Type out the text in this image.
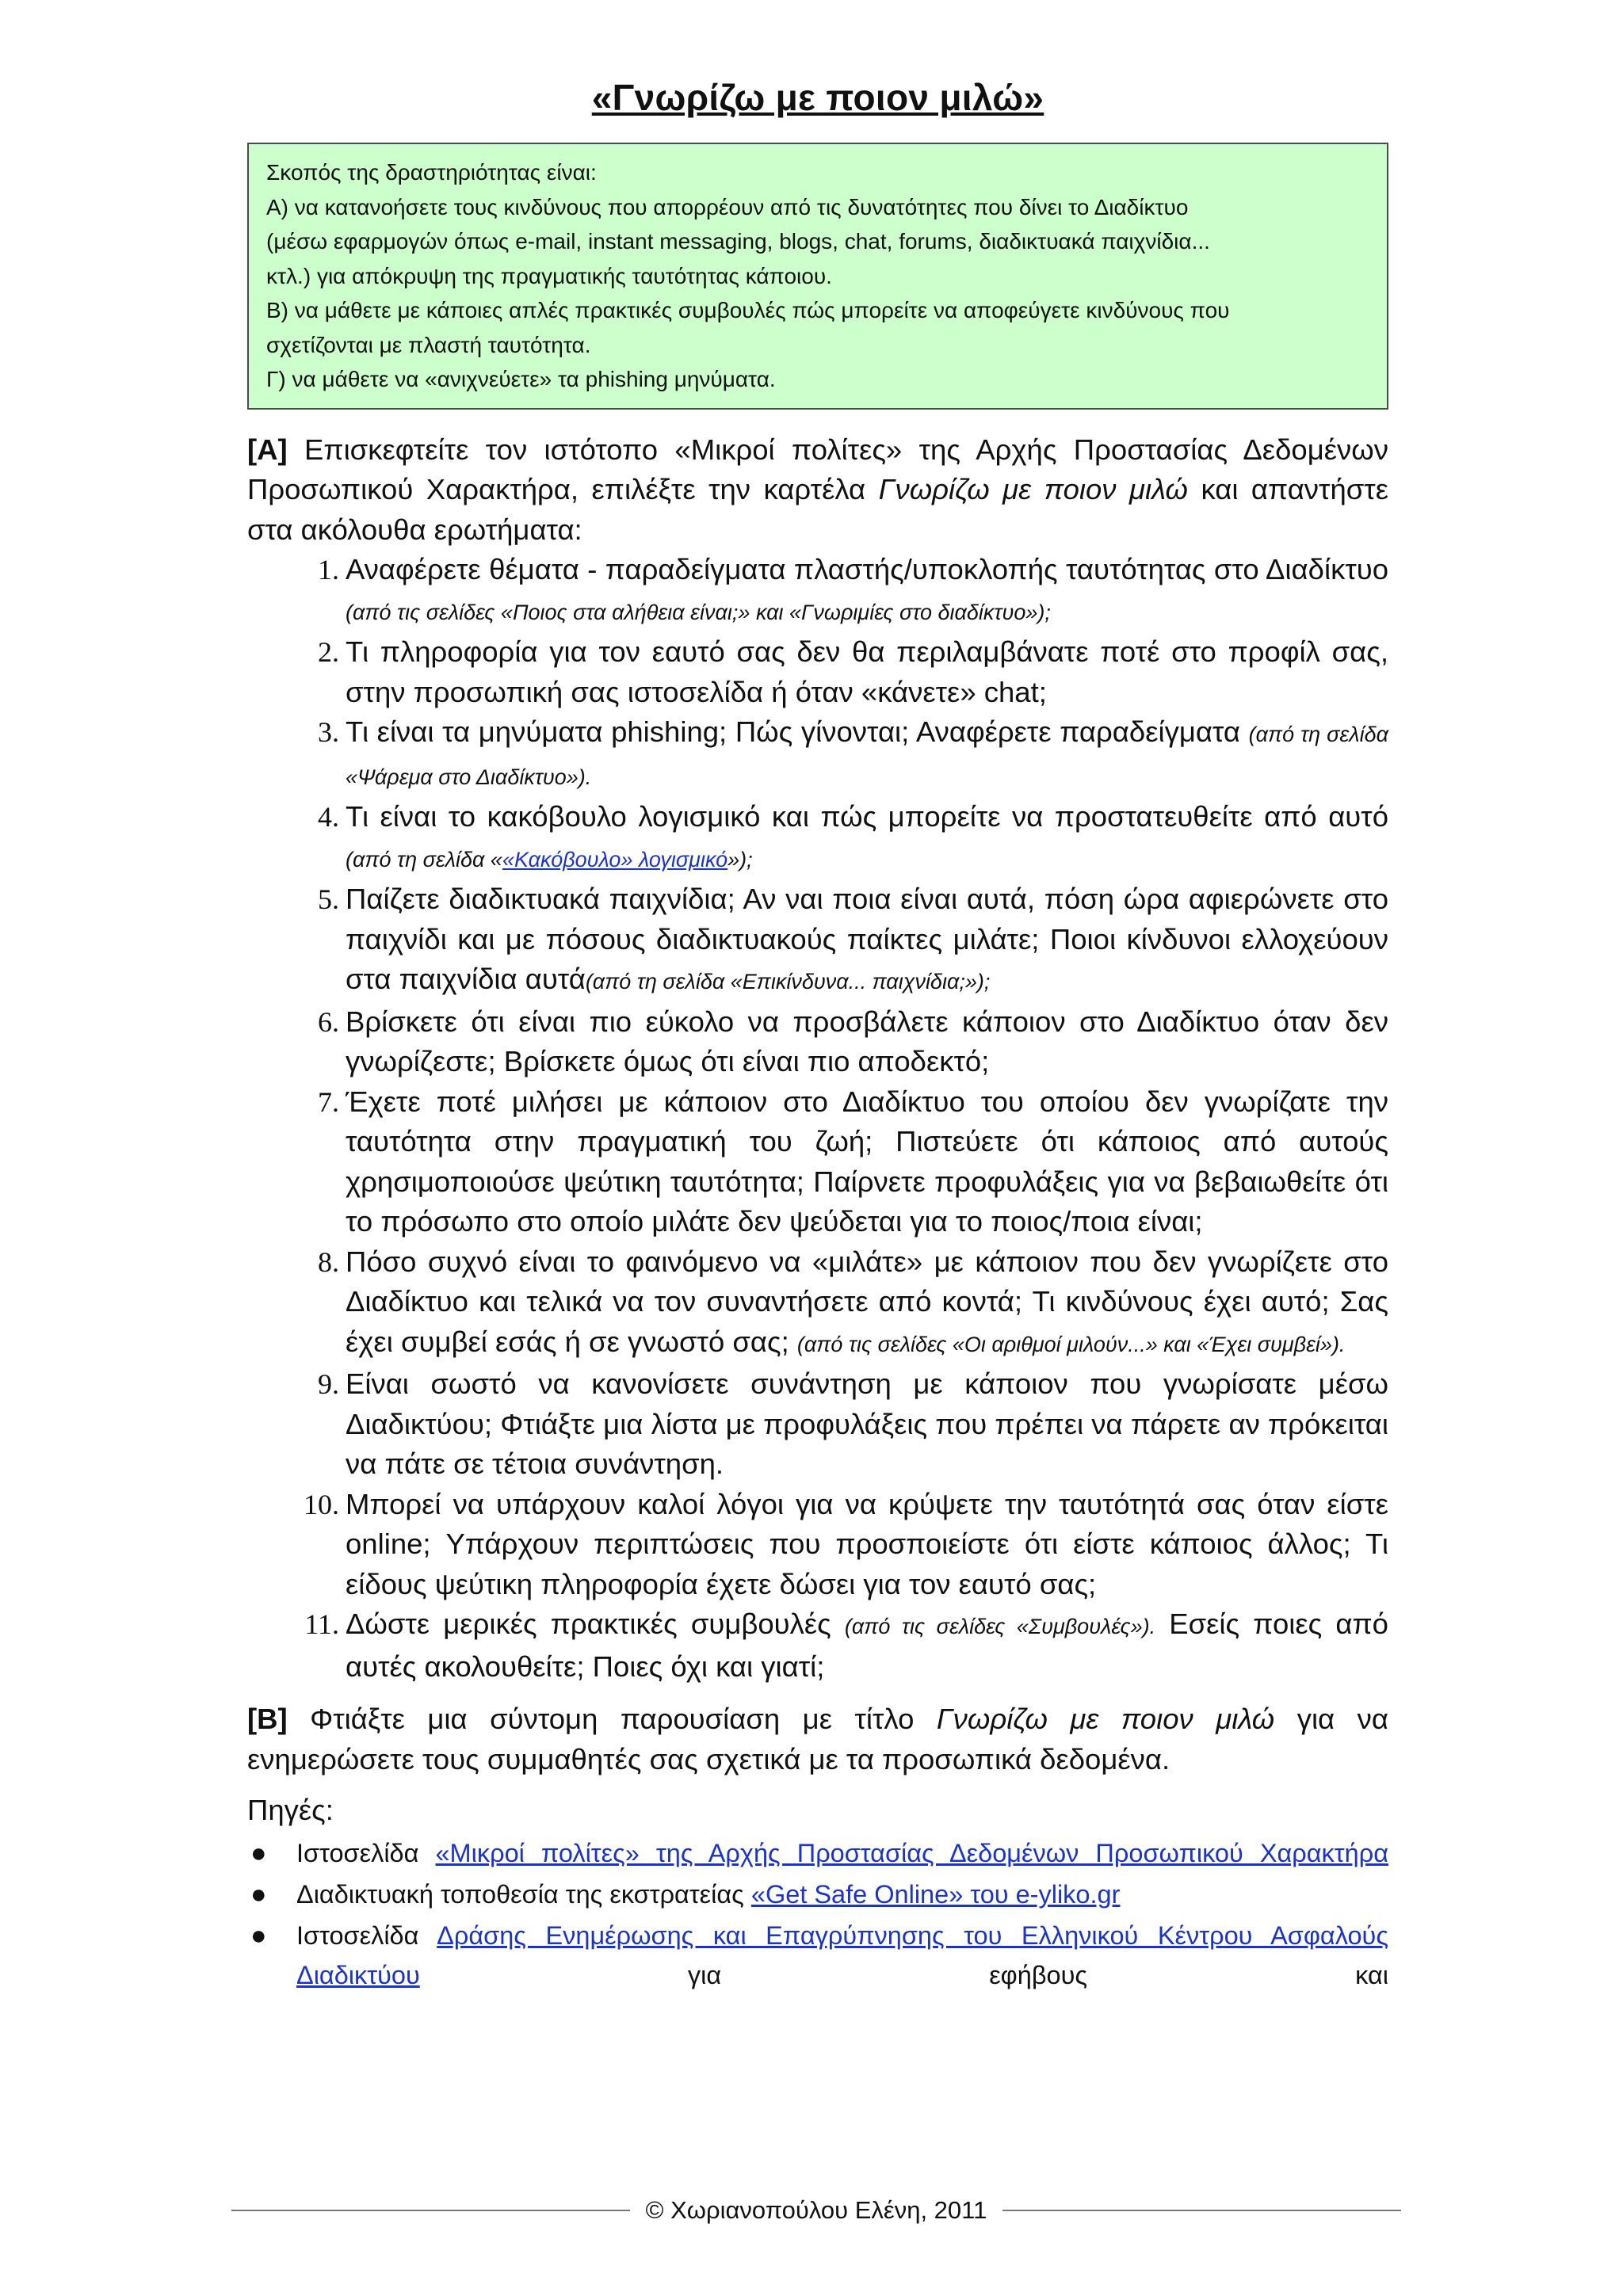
«Γνωρίζω με ποιον μιλώ»
Σκοπός της δραστηριότητας είναι:
Α) να κατανοήσετε τους κινδύνους που απορρέουν από τις δυνατότητες που δίνει το Διαδίκτυο
(μέσω εφαρμογών όπως e-mail, instant messaging, blogs, chat, forums, διαδικτυακά παιχνίδια...
κτλ.) για απόκρυψη της πραγματικής ταυτότητας κάποιου.
Β) να μάθετε με κάποιες απλές πρακτικές συμβουλές πώς μπορείτε να αποφεύγετε κινδύνους που
σχετίζονται με πλαστή ταυτότητα.
Γ) να μάθετε να «ανιχνεύετε» τα phishing μηνύματα.

[Α] Επισκεφτείτε τον ιστότοπο «Μικροί πολίτες» της Αρχής Προστασίας Δεδομένων Προσωπικού Χαρακτήρα, επιλέξτε την καρτέλα Γνωρίζω με ποιον μιλώ και απαντήστε στα ακόλουθα ερωτήματα:

1. Αναφέρετε θέματα - παραδείγματα πλαστής/υποκλοπής ταυτότητας στο Διαδίκτυο (από τις σελίδες «Ποιος στα αλήθεια είναι;» και «Γνωριμίες στο διαδίκτυο»);
2. Τι πληροφορία για τον εαυτό σας δεν θα περιλαμβάνατε ποτέ στο προφίλ σας, στην προσωπική σας ιστοσελίδα ή όταν «κάνετε» chat;
3. Τι είναι τα μηνύματα phishing; Πώς γίνονται; Αναφέρετε παραδείγματα (από τη σελίδα «Ψάρεμα στο Διαδίκτυο»).
4. Τι είναι το κακόβουλο λογισμικό και πώς μπορείτε να προστατευθείτε από αυτό (από τη σελίδα ««Κακόβουλο» λογισμικό»);
5. Παίζετε διαδικτυακά παιχνίδια; Αν ναι ποια είναι αυτά, πόση ώρα αφιερώνετε στο παιχνίδι και με πόσους διαδικτυακούς παίκτες μιλάτε; Ποιοι κίνδυνοι ελλοχεύουν στα παιχνίδια αυτά(από τη σελίδα «Επικίνδυνα... παιχνίδια;»);
6. Βρίσκετε ότι είναι πιο εύκολο να προσβάλετε κάποιον στο Διαδίκτυο όταν δεν γνωρίζεστε; Βρίσκετε όμως ότι είναι πιο αποδεκτό;
7. Έχετε ποτέ μιλήσει με κάποιον στο Διαδίκτυο του οποίου δεν γνωρίζατε την ταυτότητα στην πραγματική του ζωή; Πιστεύετε ότι κάποιος από αυτούς χρησιμοποιούσε ψεύτικη ταυτότητα; Παίρνετε προφυλάξεις για να βεβαιωθείτε ότι το πρόσωπο στο οποίο μιλάτε δεν ψεύδεται για το ποιος/ποια είναι;
8. Πόσο συχνό είναι το φαινόμενο να «μιλάτε» με κάποιον που δεν γνωρίζετε στο Διαδίκτυο και τελικά να τον συναντήσετε από κοντά; Τι κινδύνους έχει αυτό; Σας έχει συμβεί εσάς ή σε γνωστό σας; (από τις σελίδες «Οι αριθμοί μιλούν...» και «Έχει συμβεί»).
9. Είναι σωστό να κανονίσετε συνάντηση με κάποιον που γνωρίσατε μέσω Διαδικτύου; Φτιάξτε μια λίστα με προφυλάξεις που πρέπει να πάρετε αν πρόκειται να πάτε σε τέτοια συνάντηση.
10. Μπορεί να υπάρχουν καλοί λόγοι για να κρύψετε την ταυτότητά σας όταν είστε online; Υπάρχουν περιπτώσεις που προσποιείστε ότι είστε κάποιος άλλος; Τι είδους ψεύτικη πληροφορία έχετε δώσει για τον εαυτό σας;
11. Δώστε μερικές πρακτικές συμβουλές (από τις σελίδες «Συμβουλές»). Εσείς ποιες από αυτές ακολουθείτε; Ποιες όχι και γιατί;

[Β] Φτιάξτε μια σύντομη παρουσίαση με τίτλο Γνωρίζω με ποιον μιλώ για να ενημερώσετε τους συμμαθητές σας σχετικά με τα προσωπικά δεδομένα.

Πηγές:
● Ιστοσελίδα «Μικροί πολίτες» της Αρχής Προστασίας Δεδομένων Προσωπικού Χαρακτήρα
● Διαδικτυακή τοποθεσία της εκστρατείας «Get Safe Online» του e-yliko.gr
● Ιστοσελίδα Δράσης Ενημέρωσης και Επαγρύπνησης του Ελληνικού Κέντρου Ασφαλούς Διαδικτύου για εφήβους και
© Χωριανοπούλου Ελένη, 2011
